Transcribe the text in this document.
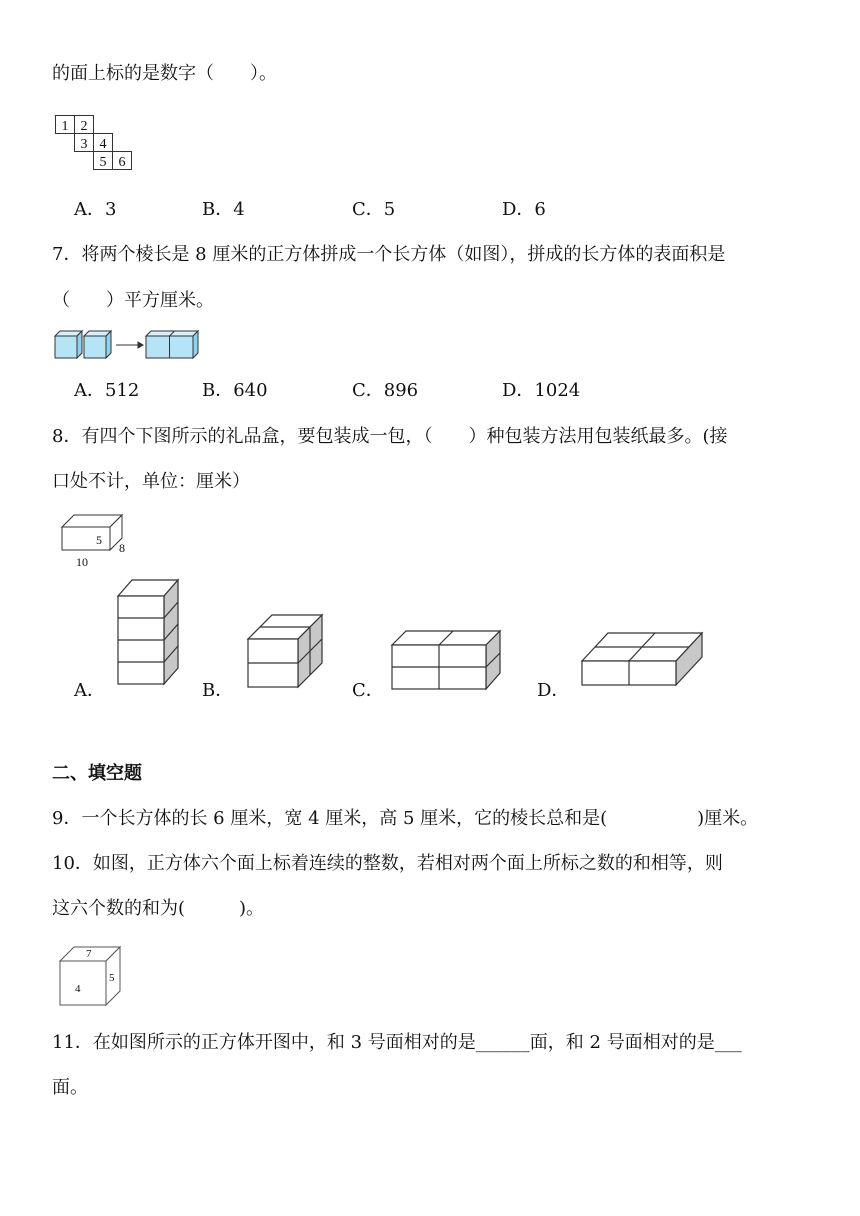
的面上标的是数字（　　）。
1 2
3 4
5 6
A．3	B．4	C．5	D．6
7．将两个棱长是 8 厘米的正方体拼成一个长方体（如图），拼成的长方体的表面积是
（　　）平方厘米。
A．512	B．640	C．896	D．1024
8．有四个下图所示的礼品盒，要包装成一包，（　　）种包装方法用包装纸最多。(接
口处不计，单位：厘米）
5
8
10
A．	B．	C．	D．
二、填空题
9．一个长方体的长 6 厘米，宽 4 厘米，高 5 厘米，它的棱长总和是(　　　　　)厘米。
10．如图，正方体六个面上标着连续的整数，若相对两个面上所标之数的和相等，则
这六个数的和为(　　　)。
7
4
5
11．在如图所示的正方体开图中，和 3 号面相对的是______面，和 2 号面相对的是___
面。
